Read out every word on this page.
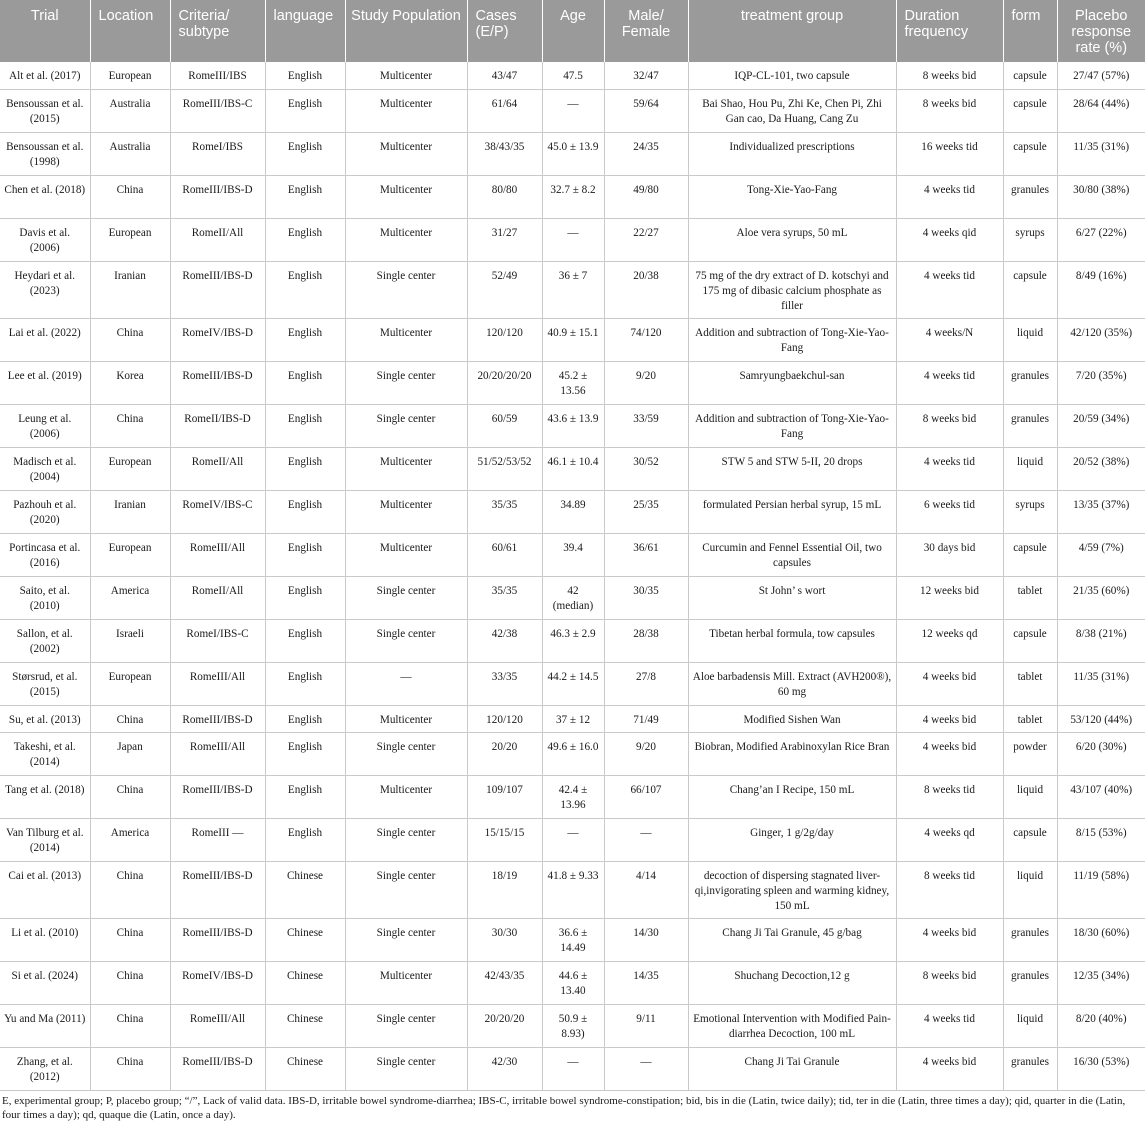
Trial	Location	Criteria/ subtype	language	Study Population	Cases (E/P)	Age	Male/ Female	treatment group	Duration frequency	form	Placebo response rate (%)
Alt et al. (2017)	European	RomeIII/IBS	English	Multicenter	43/47	47.5	32/47	IQP-CL-101, two capsule	8 weeks bid	capsule	27/47 (57%)
Bensoussan et al. (2015)	Australia	RomeIII/IBS-C	English	Multicenter	61/64	—	59/64	Bai Shao, Hou Pu, Zhi Ke, Chen Pi, Zhi Gan cao, Da Huang, Cang Zu	8 weeks bid	capsule	28/64 (44%)
Bensoussan et al. (1998)	Australia	RomeI/IBS	English	Multicenter	38/43/35	45.0 ± 13.9	24/35	Individualized prescriptions	16 weeks tid	capsule	11/35 (31%)
Chen et al. (2018)	China	RomeIII/IBS-D	English	Multicenter	80/80	32.7 ± 8.2	49/80	Tong-Xie-Yao-Fang	4 weeks tid	granules	30/80 (38%)
Davis et al. (2006)	European	RomeII/All	English	Multicenter	31/27	—	22/27	Aloe vera syrups, 50 mL	4 weeks qid	syrups	6/27 (22%)
Heydari et al. (2023)	Iranian	RomeIII/IBS-D	English	Single center	52/49	36 ± 7	20/38	75 mg of the dry extract of D. kotschyi and 175 mg of dibasic calcium phosphate as filler	4 weeks tid	capsule	8/49 (16%)
Lai et al. (2022)	China	RomeIV/IBS-D	English	Multicenter	120/120	40.9 ± 15.1	74/120	Addition and subtraction of Tong-Xie-Yao-Fang	4 weeks/N	liquid	42/120 (35%)
Lee et al. (2019)	Korea	RomeIII/IBS-D	English	Single center	20/20/20/20	45.2 ± 13.56	9/20	Samryungbaekchul-san	4 weeks tid	granules	7/20 (35%)
Leung et al. (2006)	China	RomeII/IBS-D	English	Single center	60/59	43.6 ± 13.9	33/59	Addition and subtraction of Tong-Xie-Yao-Fang	8 weeks bid	granules	20/59 (34%)
Madisch et al. (2004)	European	RomeII/All	English	Multicenter	51/52/53/52	46.1 ± 10.4	30/52	STW 5 and STW 5-II, 20 drops	4 weeks tid	liquid	20/52 (38%)
Pazhouh et al. (2020)	Iranian	RomeIV/IBS-C	English	Multicenter	35/35	34.89	25/35	formulated Persian herbal syrup, 15 mL	6 weeks tid	syrups	13/35 (37%)
Portincasa et al. (2016)	European	RomeIII/All	English	Multicenter	60/61	39.4	36/61	Curcumin and Fennel Essential Oil, two capsules	30 days bid	capsule	4/59 (7%)
Saito, et al. (2010)	America	RomeII/All	English	Single center	35/35	42 (median)	30/35	St John’ s wort	12 weeks bid	tablet	21/35 (60%)
Sallon, et al. (2002)	Israeli	RomeI/IBS-C	English	Single center	42/38	46.3 ± 2.9	28/38	Tibetan herbal formula, tow capsules	12 weeks qd	capsule	8/38 (21%)
Størsrud, et al. (2015)	European	RomeIII/All	English	—	33/35	44.2 ± 14.5	27/8	Aloe barbadensis Mill. Extract (AVH200®), 60 mg	4 weeks bid	tablet	11/35 (31%)
Su, et al. (2013)	China	RomeIII/IBS-D	English	Multicenter	120/120	37 ± 12	71/49	Modified Sishen Wan	4 weeks bid	tablet	53/120 (44%)
Takeshi, et al. (2014)	Japan	RomeIII/All	English	Single center	20/20	49.6 ± 16.0	9/20	Biobran, Modified Arabinoxylan Rice Bran	4 weeks bid	powder	6/20 (30%)
Tang et al. (2018)	China	RomeIII/IBS-D	English	Multicenter	109/107	42.4 ± 13.96	66/107	Chang’an I Recipe, 150 mL	8 weeks tid	liquid	43/107 (40%)
Van Tilburg et al. (2014)	America	RomeIII —	English	Single center	15/15/15	—	—	Ginger, 1 g/2g/day	4 weeks qd	capsule	8/15 (53%)
Cai et al. (2013)	China	RomeIII/IBS-D	Chinese	Single center	18/19	41.8 ± 9.33	4/14	decoction of dispersing stagnated liver-qi,invigorating spleen and warming kidney, 150 mL	8 weeks tid	liquid	11/19 (58%)
Li et al. (2010)	China	RomeIII/IBS-D	Chinese	Single center	30/30	36.6 ± 14.49	14/30	Chang Ji Tai Granule, 45 g/bag	4 weeks bid	granules	18/30 (60%)
Si et al. (2024)	China	RomeIV/IBS-D	Chinese	Multicenter	42/43/35	44.6 ± 13.40	14/35	Shuchang Decoction,12 g	8 weeks bid	granules	12/35 (34%)
Yu and Ma (2011)	China	RomeIII/All	Chinese	Single center	20/20/20	50.9 ± 8.93)	9/11	Emotional Intervention with Modified Pain-diarrhea Decoction, 100 mL	4 weeks tid	liquid	8/20 (40%)
Zhang, et al. (2012)	China	RomeIII/IBS-D	Chinese	Single center	42/30	—	—	Chang Ji Tai Granule	4 weeks bid	granules	16/30 (53%)
E, experimental group; P, placebo group; “/”, Lack of valid data. IBS-D, irritable bowel syndrome-diarrhea; IBS-C, irritable bowel syndrome-constipation; bid, bis in die (Latin, twice daily); tid, ter in die (Latin, three times a day); qid, quarter in die (Latin, four times a day); qd, quaque die (Latin, once a day).
